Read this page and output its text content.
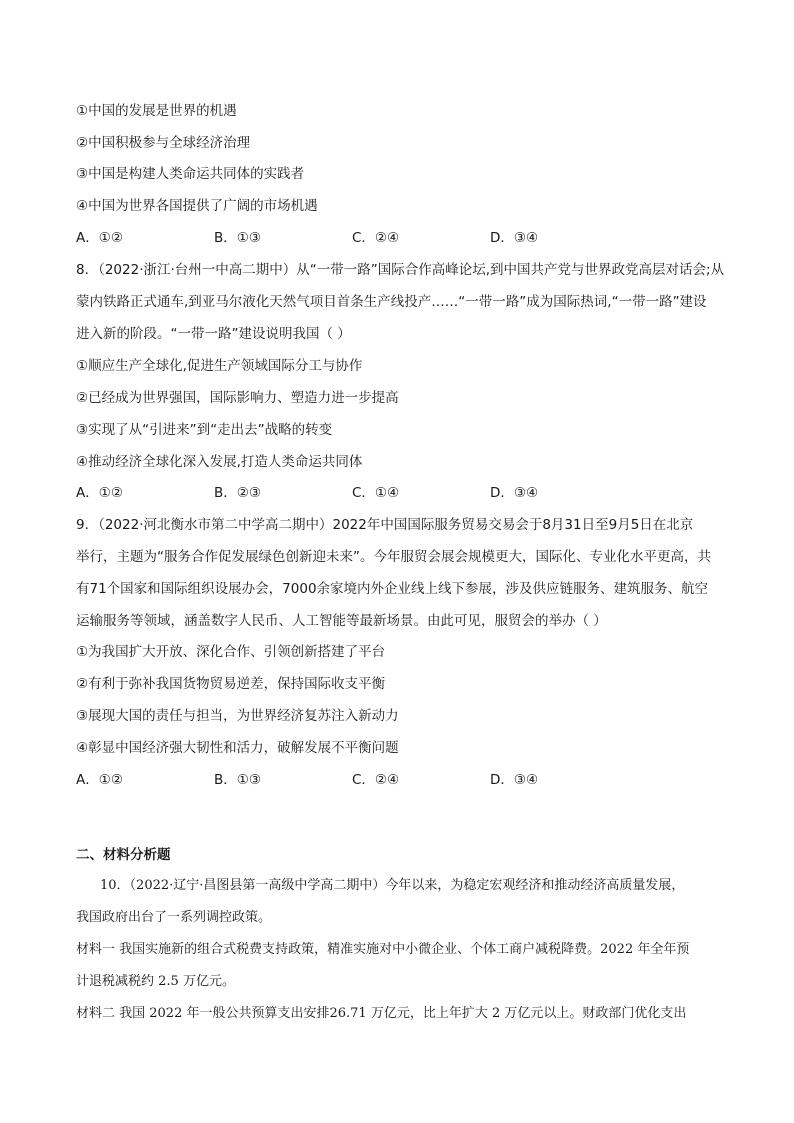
①中国的发展是世界的机遇
②中国积极参与全球经济治理
③中国是构建人类命运共同体的实践者
④中国为世界各国提供了广阔的市场机遇
A．①②	B．①③	C．②④	D．③④
8．（2022·浙江·台州一中高二期中）从“一带一路”国际合作高峰论坛,到中国共产党与世界政党高层对话会;从
蒙内铁路正式通车,到亚马尔液化天然气项目首条生产线投产……“一带一路”成为国际热词,“一带一路”建设
进入新的阶段。“一带一路”建设说明我国（ ）
①顺应生产全球化,促进生产领域国际分工与协作
②已经成为世界强国，国际影响力、塑造力进一步提高
③实现了从“引进来”到“走出去”战略的转变
④推动经济全球化深入发展,打造人类命运共同体
A．①②	B．②③	C．①④	D．③④
9．（2022·河北衡水市第二中学高二期中）2022年中国国际服务贸易交易会于8月31日至9月5日在北京
举行，主题为“服务合作促发展绿色创新迎未来”。今年服贸会展会规模更大，国际化、专业化水平更高，共
有71个国家和国际组织设展办会，7000余家境内外企业线上线下参展，涉及供应链服务、建筑服务、航空
运输服务等领域，涵盖数字人民币、人工智能等最新场景。由此可见，服贸会的举办（ ）
①为我国扩大开放、深化合作、引领创新搭建了平台
②有利于弥补我国货物贸易逆差，保持国际收支平衡
③展现大国的责任与担当，为世界经济复苏注入新动力
④彰显中国经济强大韧性和活力，破解发展不平衡问题
A．①②	B．①③	C．②④	D．③④
二、材料分析题
10．（2022·辽宁·昌图县第一高级中学高二期中）今年以来，为稳定宏观经济和推动经济高质量发展，
我国政府出台了一系列调控政策。
材料一 我国实施新的组合式税费支持政策，精准实施对中小微企业、个体工商户减税降费。2022 年全年预
计退税减税约 2.5 万亿元。
材料二 我国 2022 年一般公共预算支出安排26.71 万亿元，比上年扩大 2 万亿元以上。财政部门优化支出
